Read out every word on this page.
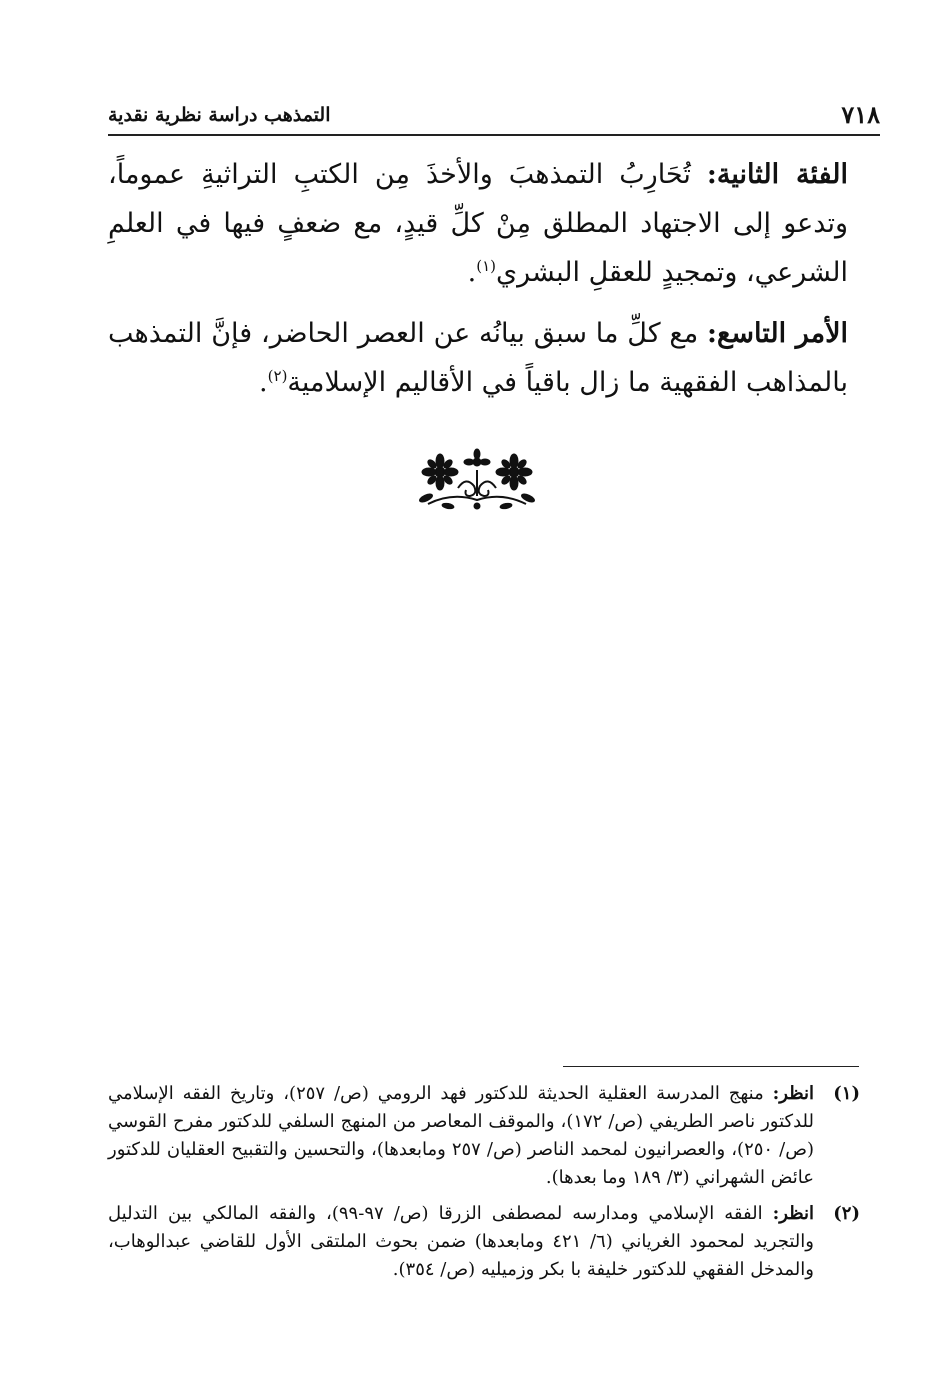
٧١٨
التمذهب دراسة نظرية نقدية

الفئة الثانية: تُحَارِبُ التمذهبَ والأخذَ مِن الكتبِ التراثيةِ عموماً، وتدعو إلى الاجتهاد المطلق مِنْ كلِّ قيدٍ، مع ضعفٍ فيها في العلمِ الشرعي، وتمجيدٍ للعقلِ البشري$^{(١)}$.

الأمر التاسع: مع كلِّ ما سبق بيانُه عن العصر الحاضر، فإنَّ التمذهب بالمذاهب الفقهية ما زال باقياً في الأقاليم الإسلامية$^{(٢)}$.

(١)
انظر: منهج المدرسة العقلية الحديثة للدكتور فهد الرومي (ص/ ٢٥٧)، وتاريخ الفقه الإسلامي للدكتور ناصر الطريفي (ص/ ١٧٢)، والموقف المعاصر من المنهج السلفي للدكتور مفرح القوسي (ص/ ٢٥٠)، والعصرانيون لمحمد الناصر (ص/ ٢٥٧ ومابعدها)، والتحسين والتقبيح العقليان للدكتور عائض الشهراني (٣/ ١٨٩ وما بعدها).
(٢)
انظر: الفقه الإسلامي ومدارسه لمصطفى الزرقا (ص/ ٩٧-٩٩)، والفقه المالكي بين التدليل والتجريد لمحمود الغرياني (٦/ ٤٢١ ومابعدها) ضمن بحوث الملتقى الأول للقاضي عبدالوهاب، والمدخل الفقهي للدكتور خليفة با بكر وزميليه (ص/ ٣٥٤).
